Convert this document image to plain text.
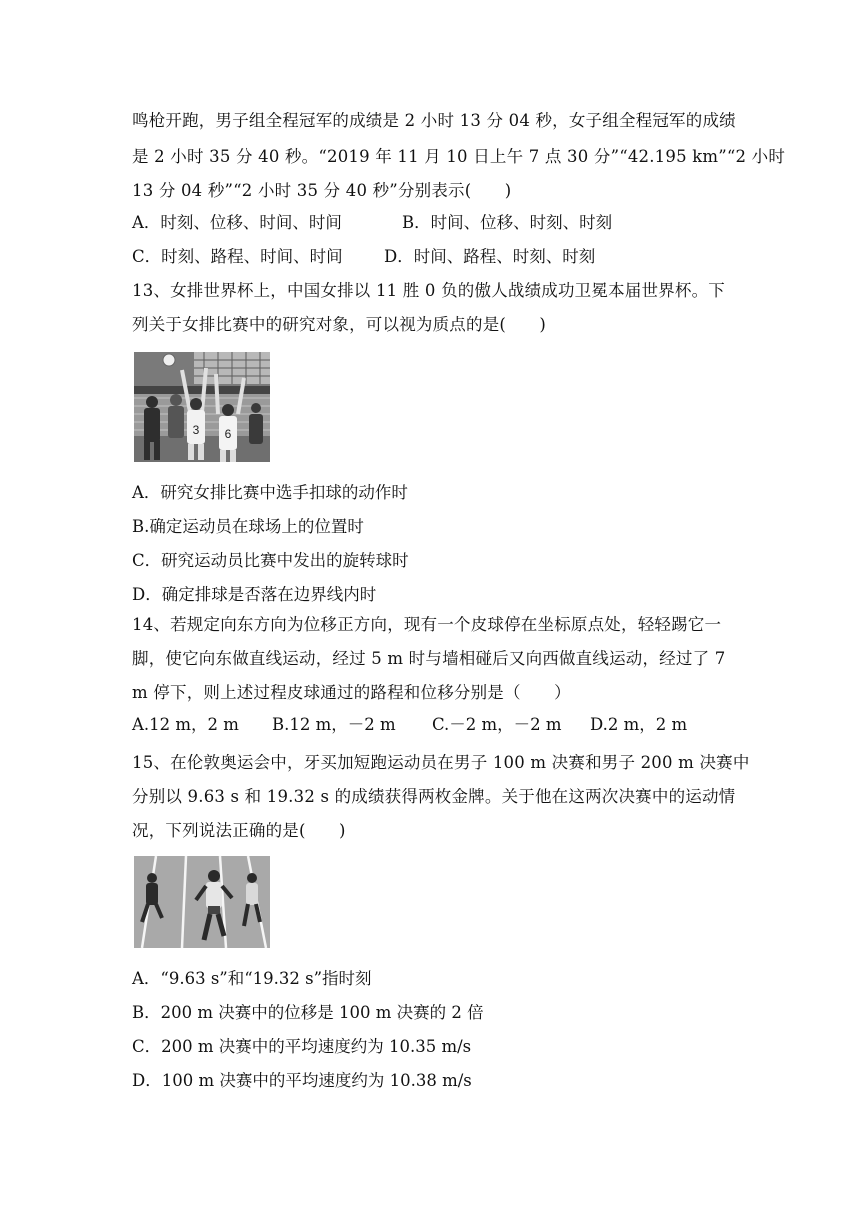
鸣枪开跑，男子组全程冠军的成绩是 2 小时 13 分 04 秒，女子组全程冠军的成绩
是 2 小时 35 分 40 秒。“2019 年 11 月 10 日上午 7 点 30 分”“42.195 km”“2 小时
13 分 04 秒”“2 小时 35 分 40 秒”分别表示(　　)
A．时刻、位移、时间、时间	B．时间、位移、时刻、时刻
C．时刻、路程、时间、时间	D．时间、路程、时刻、时刻
13、女排世界杯上，中国女排以 11 胜 0 负的傲人战绩成功卫冕本届世界杯。下
列关于女排比赛中的研究对象，可以视为质点的是(　　)
3 6
A．研究女排比赛中选手扣球的动作时
B.确定运动员在球场上的位置时
C．研究运动员比赛中发出的旋转球时
D．确定排球是否落在边界线内时
14、若规定向东方向为位移正方向，现有一个皮球停在坐标原点处，轻轻踢它一
脚，使它向东做直线运动，经过 5 m 时与墙相碰后又向西做直线运动，经过了 7
m 停下，则上述过程皮球通过的路程和位移分别是（　　）
A.12 m，2 m B.12 m，－2 m C.－2 m，－2 m D.2 m，2 m
15、在伦敦奥运会中，牙买加短跑运动员在男子 100 m 决赛和男子 200 m 决赛中
分别以 9.63 s 和 19.32 s 的成绩获得两枚金牌。关于他在这两次决赛中的运动情
况，下列说法正确的是(　　)
A．“9.63 s”和“19.32 s”指时刻
B．200 m 决赛中的位移是 100 m 决赛的 2 倍
C．200 m 决赛中的平均速度约为 10.35 m/s
D．100 m 决赛中的平均速度约为 10.38 m/s
